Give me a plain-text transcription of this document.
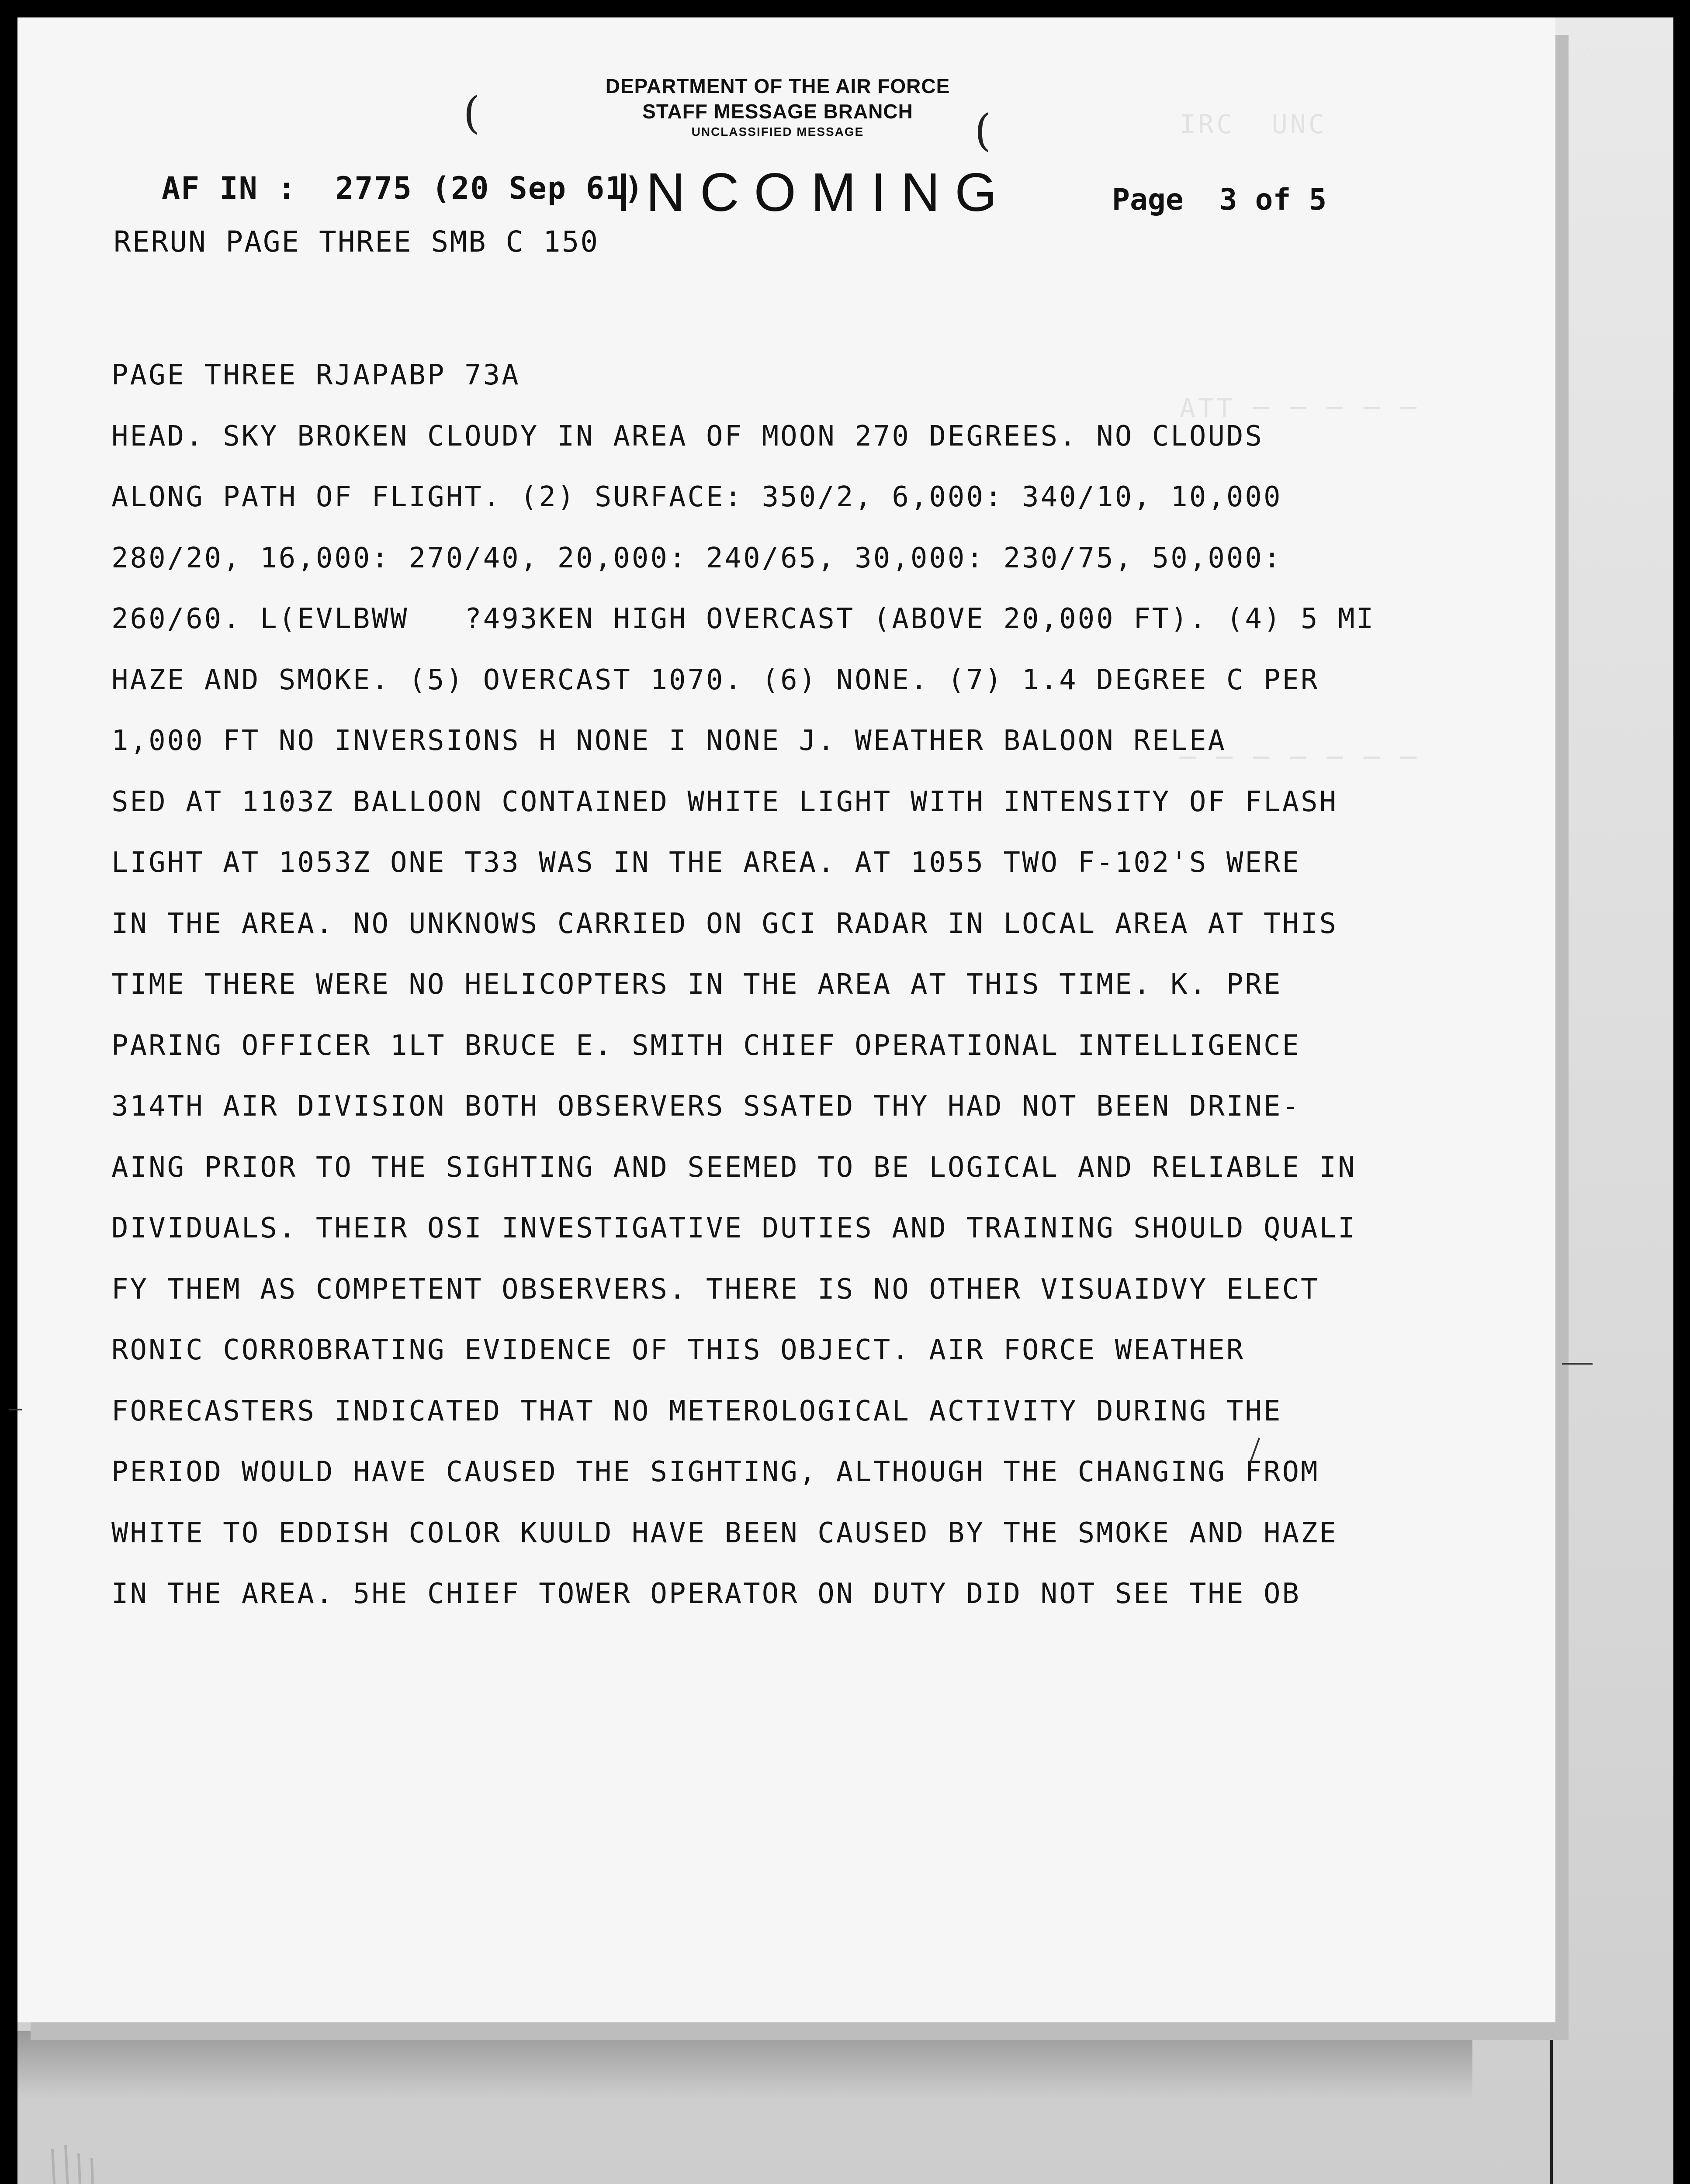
IRC  UNC
ATT ─ ─ ─ ─ ─
─ ─ ─ ─ ─ ─ ─
DEPARTMENT OF THE AIR FORCE
STAFF MESSAGE BRANCH
UNCLASSIFIED MESSAGE
(	(
AF IN :  2775 (20 Sep 61)
INCOMING	Page  3 of 5
RERUN PAGE THREE SMB C 150
PAGE THREE RJAPABP 73A
HEAD. SKY BROKEN CLOUDY IN AREA OF MOON 270 DEGREES. NO CLOUDS
ALONG PATH OF FLIGHT. (2) SURFACE: 350/2, 6,000: 340/10, 10,000
280/20, 16,000: 270/40, 20,000: 240/65, 30,000: 230/75, 50,000:
260/60. L(EVLBWW   ?493KEN HIGH OVERCAST (ABOVE 20,000 FT). (4) 5 MI
HAZE AND SMOKE. (5) OVERCAST 1070. (6) NONE. (7) 1.4 DEGREE C PER
1,000 FT NO INVERSIONS H NONE I NONE J. WEATHER BALOON RELEA
SED AT 1103Z BALLOON CONTAINED WHITE LIGHT WITH INTENSITY OF FLASH
LIGHT AT 1053Z ONE T33 WAS IN THE AREA. AT 1055 TWO F-102'S WERE
IN THE AREA. NO UNKNOWS CARRIED ON GCI RADAR IN LOCAL AREA AT THIS
TIME THERE WERE NO HELICOPTERS IN THE AREA AT THIS TIME. K. PRE
PARING OFFICER 1LT BRUCE E. SMITH CHIEF OPERATIONAL INTELLIGENCE
314TH AIR DIVISION BOTH OBSERVERS SSATED THY HAD NOT BEEN DRINE-
AING PRIOR TO THE SIGHTING AND SEEMED TO BE LOGICAL AND RELIABLE IN
DIVIDUALS. THEIR OSI INVESTIGATIVE DUTIES AND TRAINING SHOULD QUALI
FY THEM AS COMPETENT OBSERVERS. THERE IS NO OTHER VISUAIDVY ELECT
RONIC CORROBRATING EVIDENCE OF THIS OBJECT. AIR FORCE WEATHER
FORECASTERS INDICATED THAT NO METEROLOGICAL ACTIVITY DURING THE
PERIOD WOULD HAVE CAUSED THE SIGHTING, ALTHOUGH THE CHANGING FROM
WHITE TO EDDISH COLOR KUULD HAVE BEEN CAUSED BY THE SMOKE AND HAZE
IN THE AREA. 5HE CHIEF TOWER OPERATOR ON DUTY DID NOT SEE THE OB
